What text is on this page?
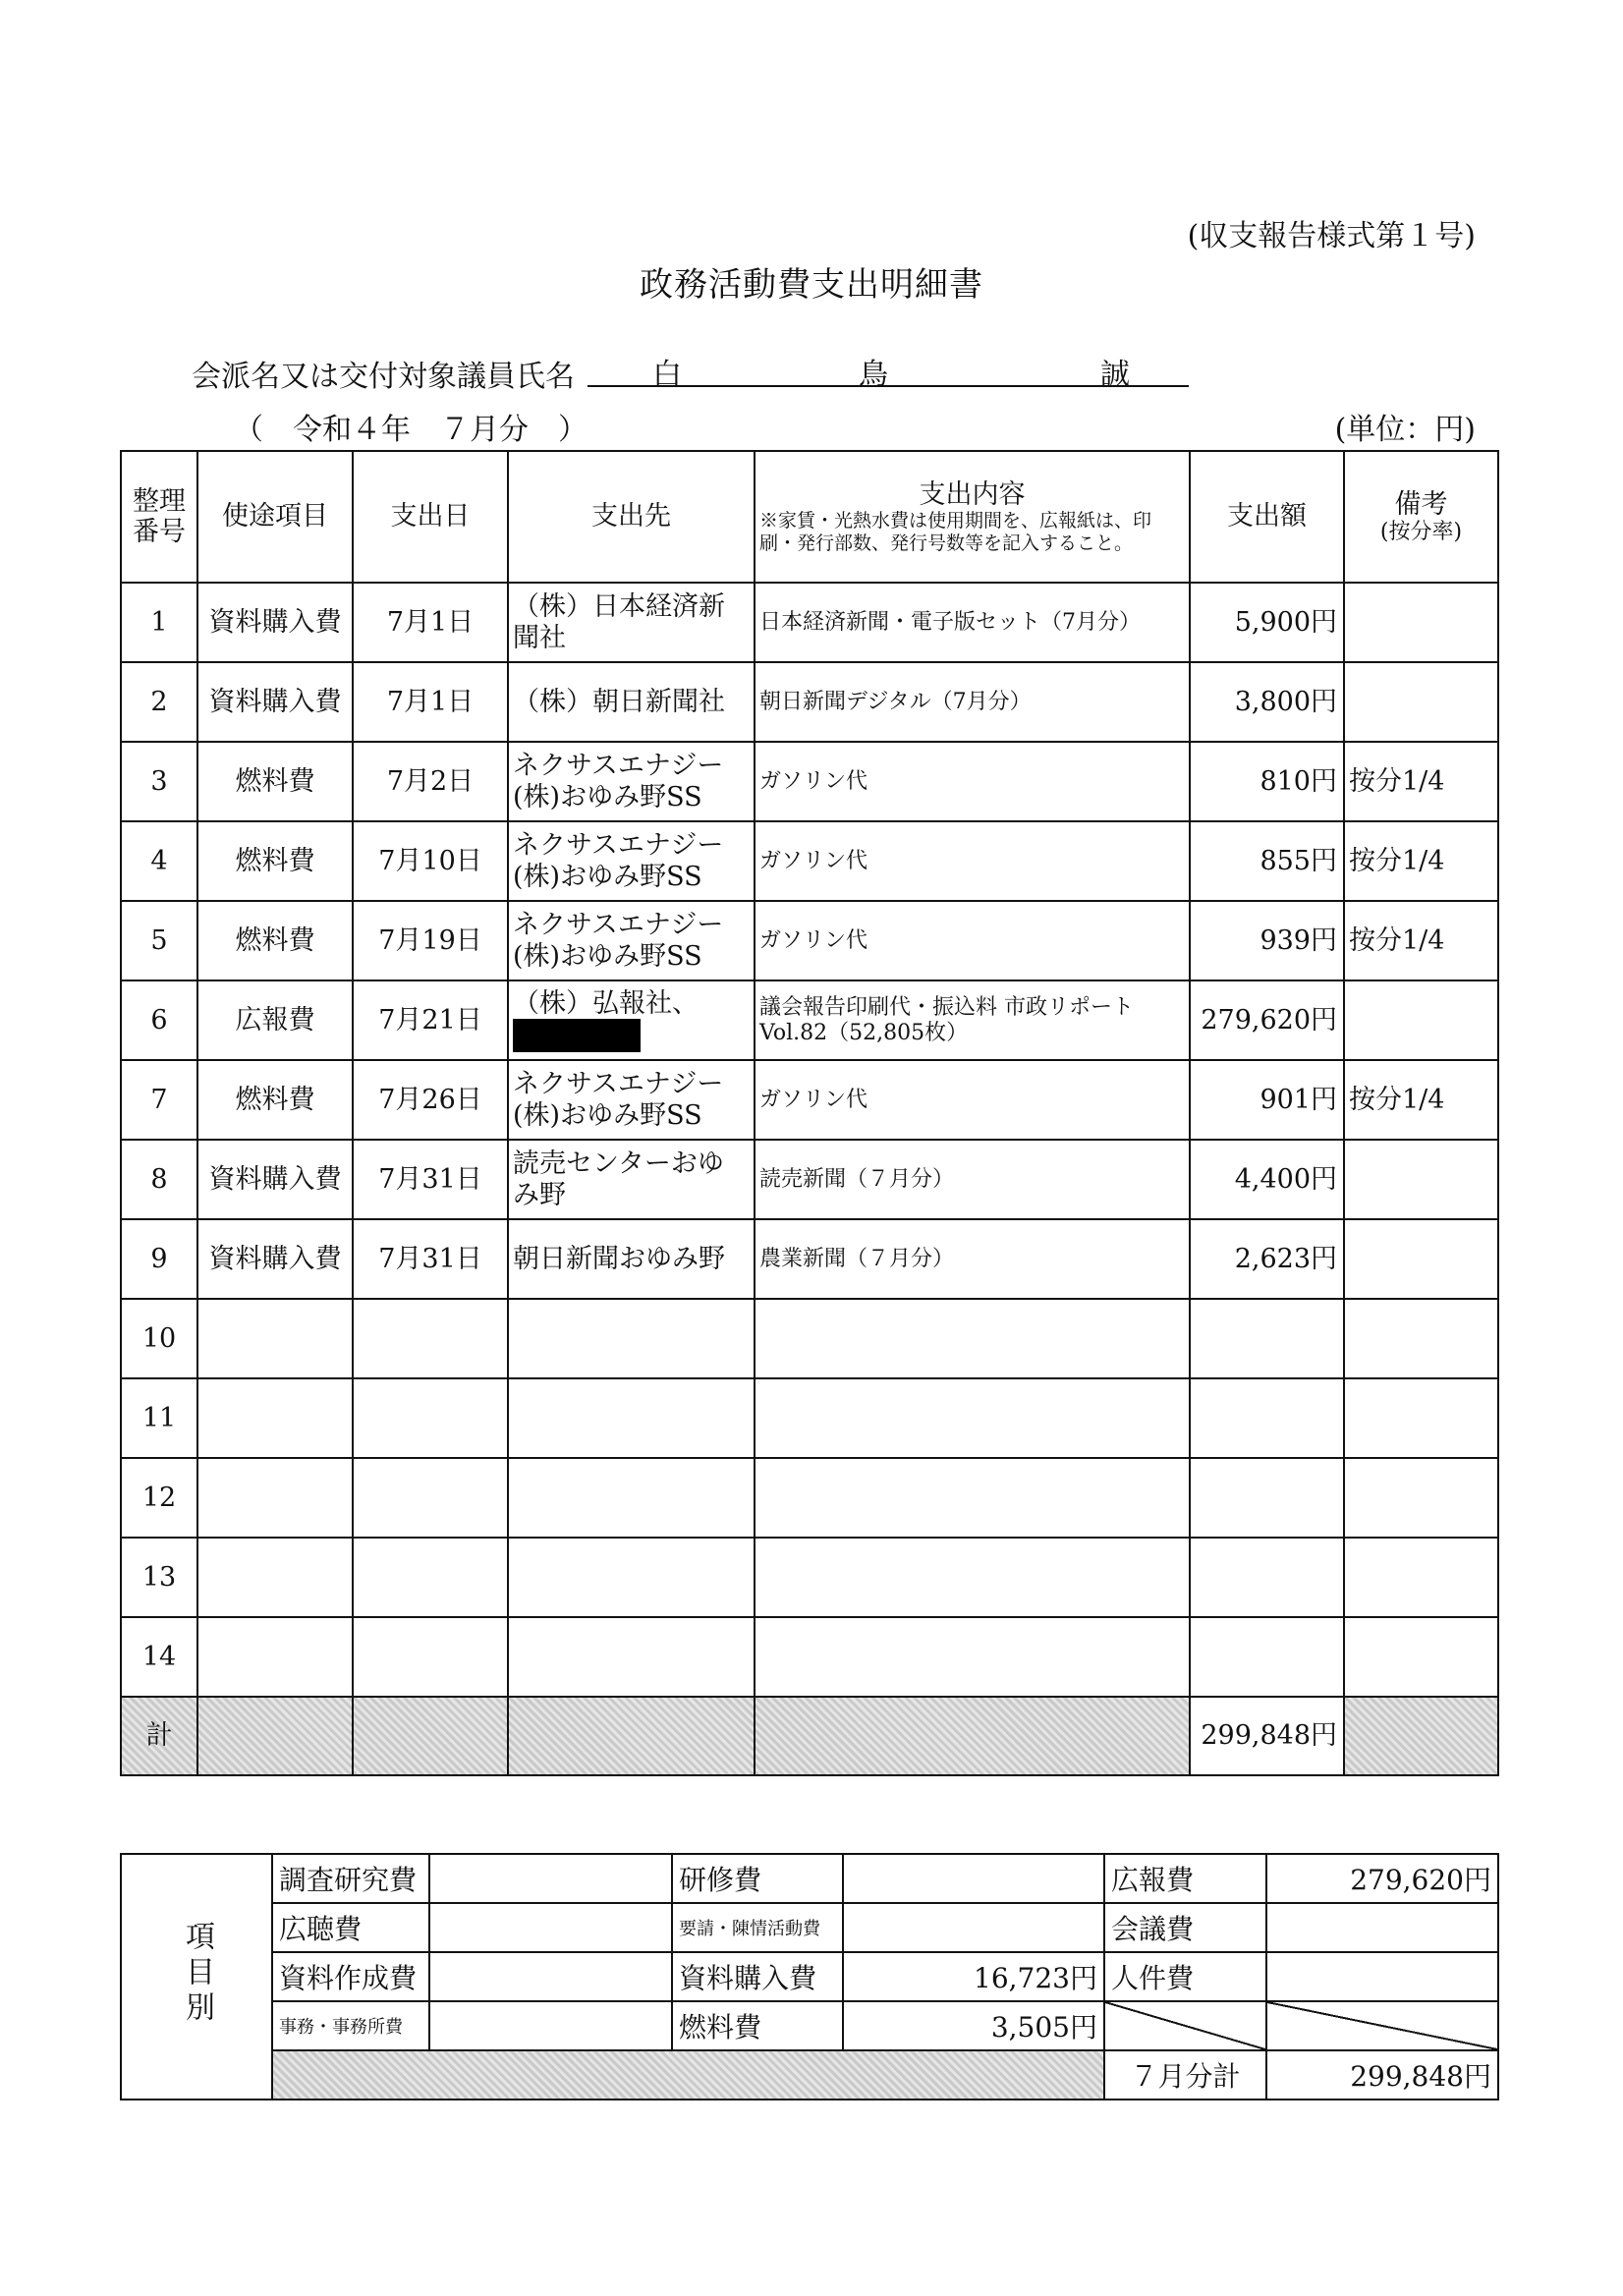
(収支報告様式第１号)
政務活動費支出明細書
会派名又は交付対象議員氏名	白	鳥	誠
（　令和４年　７月分　）	(単位：円)
整理番号	使途項目	支出日	支出先	支出内容
※家賃・光熱水費は使用期間を、広報紙は、印刷・発行部数、発行号数等を記入すること。	支出額	備考
(按分率)

1	資料購入費	7月1日	（株）日本経済新聞社	日本経済新聞・電子版セット（7月分）	5,900円	
2	資料購入費	7月1日	（株）朝日新聞社	朝日新聞デジタル（7月分）	3,800円	
3	燃料費	7月2日	ネクサスエナジー(株)おゆみ野SS	ガソリン代	810円	按分1/4
4	燃料費	7月10日	ネクサスエナジー(株)おゆみ野SS	ガソリン代	855円	按分1/4
5	燃料費	7月19日	ネクサスエナジー(株)おゆみ野SS	ガソリン代	939円	按分1/4
6	広報費	7月21日	（株）弘報社、	議会報告印刷代・振込料 市政リポートVol.82（52,805枚）	279,620円	
7	燃料費	7月26日	ネクサスエナジー(株)おゆみ野SS	ガソリン代	901円	按分1/4
8	資料購入費	7月31日	読売センターおゆみ野	読売新聞（７月分）	4,400円	
9	資料購入費	7月31日	朝日新聞おゆみ野	農業新聞（７月分）	2,623円	
10						
11						
12						
13						
14						
計					299,848円	
項目別	調査研究費		研修費		広報費	279,620円
	広聴費		要請・陳情活動費		会議費	
	資料作成費		資料購入費	16,723円	人件費	
	事務・事務所費		燃料費	3,505円		
					７月分計	299,848円
